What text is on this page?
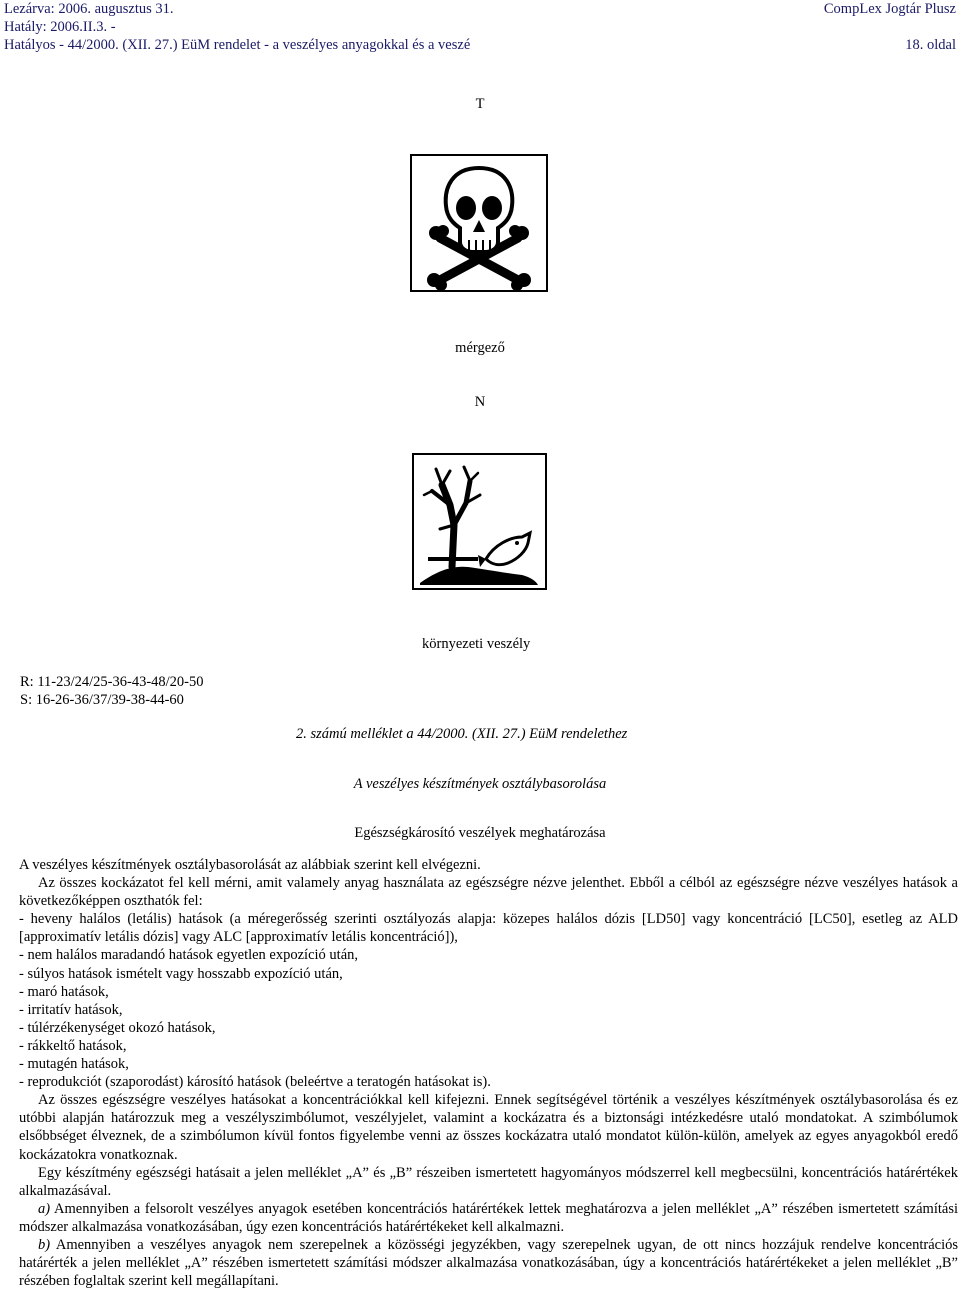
Lezárva: 2006. augusztus 31.
Hatály: 2006.II.3. -
Hatályos - 44/2000. (XII. 27.) EüM rendelet - a veszélyes anyagokkal és a veszé
CompLex Jogtár Plusz
18. oldal
T
mérgező
N
környezeti veszély
R: 11-23/24/25-36-43-48/20-50
S: 16-26-36/37/39-38-44-60
2. számú melléklet a 44/2000. (XII. 27.) EüM rendelethez
A veszélyes készítmények osztálybasorolása
Egészségkárosító veszélyek meghatározása

A veszélyes készítmények osztálybasorolását az alábbiak szerint kell elvégezni.

Az összes kockázatot fel kell mérni, amit valamely anyag használata az egészségre nézve jelenthet. Ebből a célból az egészségre nézve veszélyes hatások a következőképpen oszthatók fel:

- heveny halálos (letális) hatások (a méregerősség szerinti osztályozás alapja: közepes halálos dózis [LD50] vagy koncentráció [LC50], esetleg az ALD [approximatív letális dózis] vagy ALC [approximatív letális koncentráció]),

- nem halálos maradandó hatások egyetlen expozíció után,

- súlyos hatások ismételt vagy hosszabb expozíció után,

- maró hatások,

- irritatív hatások,

- túlérzékenységet okozó hatások,

- rákkeltő hatások,

- mutagén hatások,

- reprodukciót (szaporodást) károsító hatások (beleértve a teratogén hatásokat is).

Az összes egészségre veszélyes hatásokat a koncentrációkkal kell kifejezni. Ennek segítségével történik a veszélyes készítmények osztálybasorolása és ez utóbbi alapján határozzuk meg a veszélyszimbólumot, veszélyjelet, valamint a kockázatra és a biztonsági intézkedésre utaló mondatokat. A szimbólumok elsőbbséget élveznek, de a szimbólumon kívül fontos figyelembe venni az összes kockázatra utaló mondatot külön-külön, amelyek az egyes anyagokból eredő kockázatokra vonatkoznak.

Egy készítmény egészségi hatásait a jelen melléklet „A” és „B” részeiben ismertetett hagyományos módszerrel kell megbecsülni, koncentrációs határértékek alkalmazásával.

a) Amennyiben a felsorolt veszélyes anyagok esetében koncentrációs határértékek lettek meghatározva a jelen melléklet „A” részében ismertetett számítási módszer alkalmazása vonatkozásában, úgy ezen koncentrációs határértékeket kell alkalmazni.

b) Amennyiben a veszélyes anyagok nem szerepelnek a közösségi jegyzékben, vagy szerepelnek ugyan, de ott nincs hozzájuk rendelve koncentrációs határérték a jelen melléklet „A” részében ismertetett számítási módszer alkalmazása vonatkozásában, úgy a koncentrációs határértékeket a jelen melléklet „B” részében foglaltak szerint kell megállapítani.
